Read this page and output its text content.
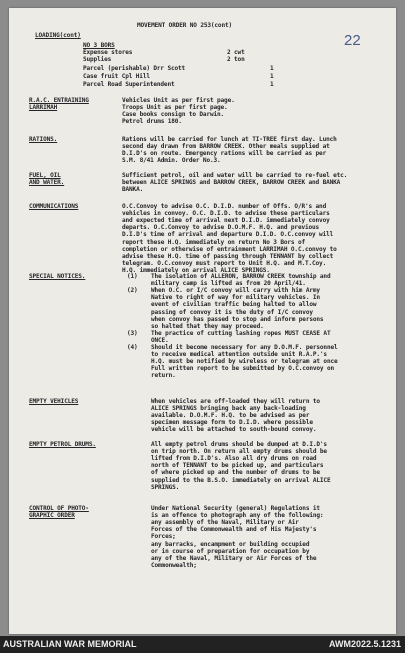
MOVEMENT ORDER NO 253(cont)
22
LOADING(cont)
NO 3 BORS
Expense stores	2 cwt
Supplies	2 ton
Parcel (perishable) Drr Scott	1
Case fruit Cpl Hill	1
Parcel Road Superintendent	1
R.A.C. ENTRAINING
LARRIMAH
Vehicles Unit as per first page.
Troops Unit as per first page.
Case books consign to Darwin.
Petrol drums 180.
RATIONS.	Rations will be carried for lunch at TI-TREE first day. Lunch
second day drawn from BARROW CREEK. Other meals supplied at
D.I.D's on route. Emergency rations will be carried as per
S.M. 8/41 Admin. Order No.3.
FUEL, OIL
AND WATER.
Sufficient petrol, oil and water will be carried to re-fuel etc.
between ALICE SPRINGS and BARROW CREEK, BARROW CREEK and BANKA
BANKA.
COMMUNICATIONS	O.C.Convoy to advise O.C. D.I.D. number of Offs. O/R's and
vehicles in convoy. O.C. D.I.D. to advise these particulars
and expected time of arrival next D.I.D. immediately convoy
departs. O.C.Convoy to advise D.O.M.F. H.Q. and previous
D.I.D's time of arrival and departure D.I.D. O.C.convoy will
report these H.Q. immediately on return No 3 Bors of
completion or otherwise of entrainment LARRIMAH O.C.convoy to
advise these H.Q. time of passing through TENNANT by collect
telegram. O.C.convoy must report to Unit H.Q. and M.T.Coy.
H.Q. immediately on arrival ALICE SPRINGS.
SPECIAL NOTICES.	The isolation of ALLERON, BARROW CREEK township and
military camp is lifted as from 20 April/41.
When O.C. or I/C convoy will carry with him Army
Native to right of way for military vehicles. In
event of civilian traffic being halted to allow
passing of convoy it is the duty of I/C convoy
when convoy has passed to stop and inform persons
so halted that they may proceed.
The practice of cutting lashing ropes MUST CEASE AT
ONCE.
Should it become necessary for any D.O.M.F. personnel
to receive medical attention outside unit R.A.P.'s
H.Q. must be notified by wireless or telegram at once
Full written report to be submitted by O.C.convoy on
return.
(1)
(2)
(3)
(4)
EMPTY VEHICLES	When vehicles are off-loaded they will return to
ALICE SPRINGS bringing back any back-loading
available. D.O.M.F. H.Q. to be advised as per
specimen message form to D.I.D. where possible
vehicle will be attached to south-bound convoy.
EMPTY PETROL DRUMS.	All empty petrol drums should be dumped at D.I.D's
on trip north. On return all empty drums should be
lifted from D.I.D's. Also all dry drums on road
north of TENNANT to be picked up, and particulars
of where picked up and the number of drums to be
supplied to the B.S.O. immediately on arrival ALICE
SPRINGS.
CONTROL OF PHOTO-
GRAPHIC ORDER
Under National Security (general) Regulations it
is an offence to photograph any of the following:
any assembly of the Naval, Military or Air
Forces of the Commonwealth and of His Majesty's
Forces;
any barracks, encampment or building occupied
or in course of preparation for occupation by
any of the Naval, Military or Air Forces of the
Commonwealth;
AUSTRALIAN WAR MEMORIAL	AWM2022.5.1231
